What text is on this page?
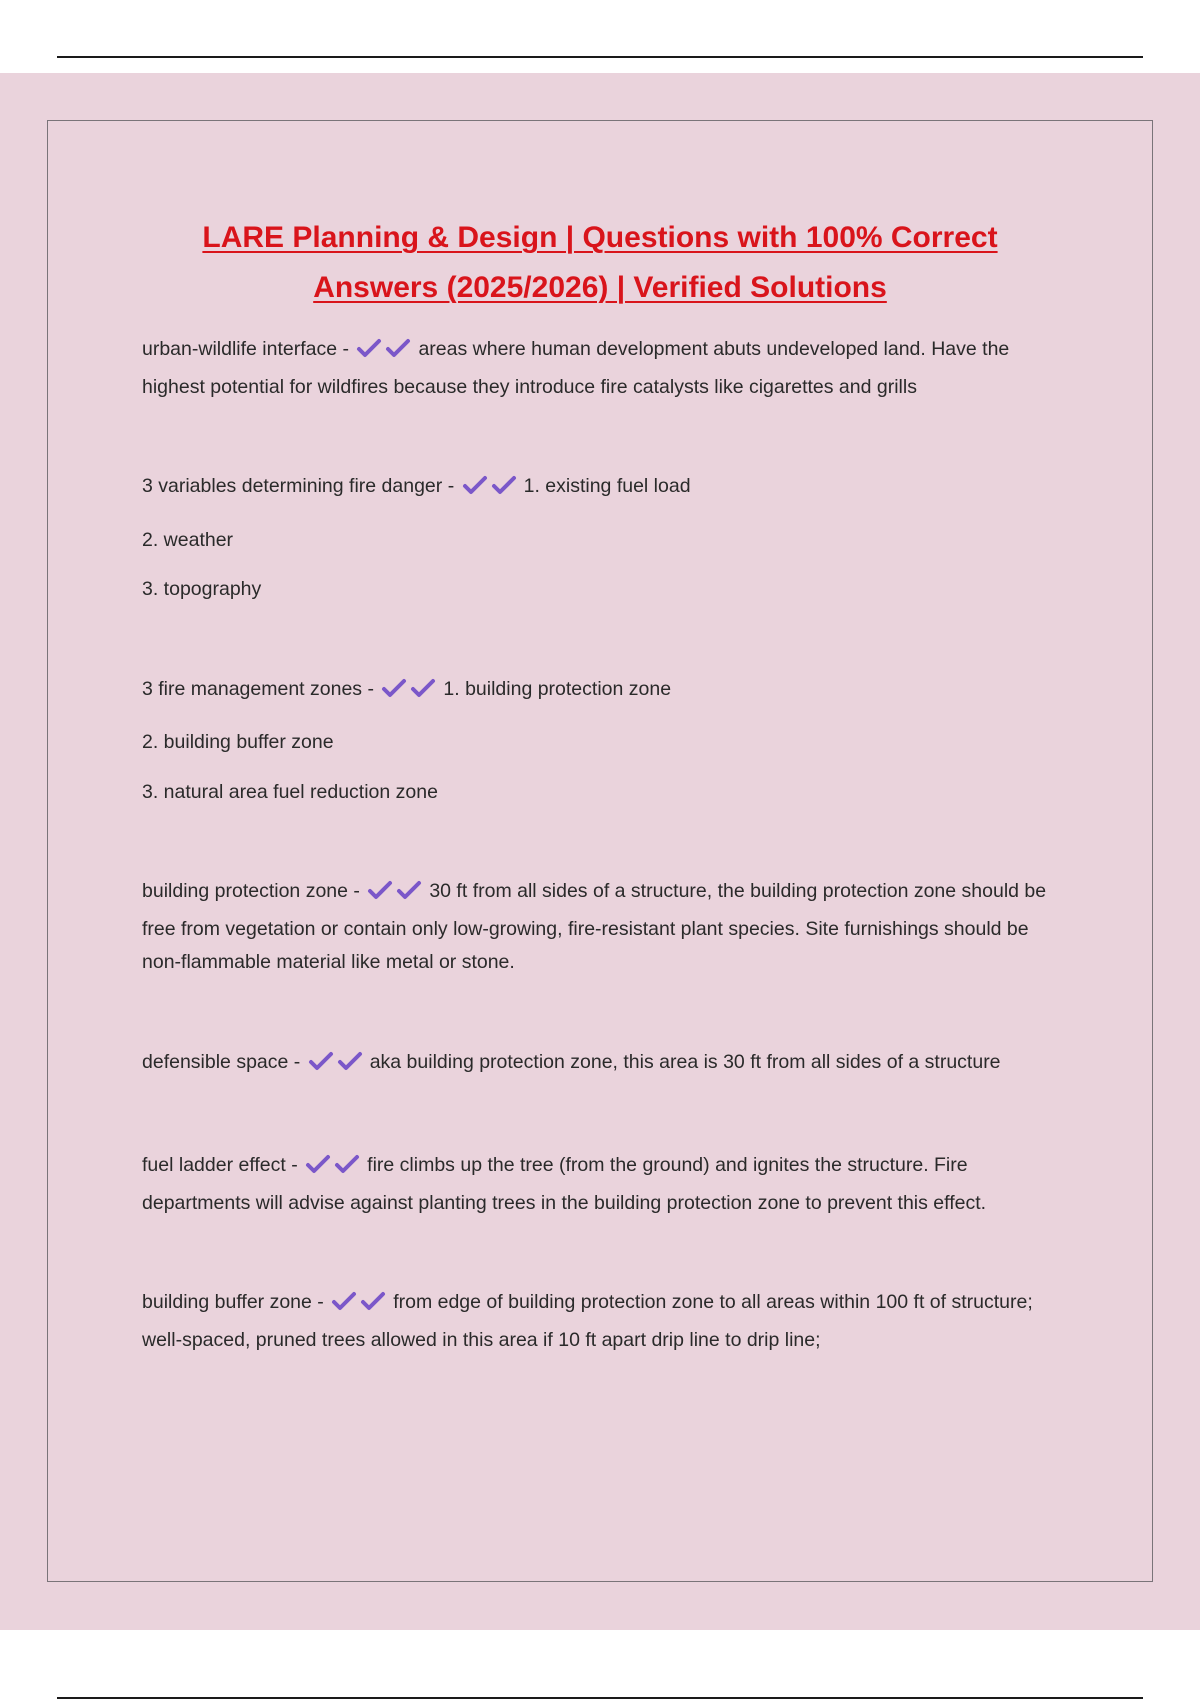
LARE Planning & Design | Questions with 100% Correct
Answers (2025/2026) | Verified Solutions

urban-wildlife interface -	areas where human development abuts undeveloped land. Have the highest potential for wildfires because they introduce fire catalysts like cigarettes and grills

3 variables determining fire danger -	1. existing fuel load

2. weather

3. topography

3 fire management zones -	1. building protection zone

2. building buffer zone

3. natural area fuel reduction zone

building protection zone -	30 ft from all sides of a structure, the building protection zone should be free from vegetation or contain only low-growing, fire-resistant plant species. Site furnishings should be non-flammable material like metal or stone.

defensible space -	aka building protection zone, this area is 30 ft from all sides of a structure

fuel ladder effect -	fire climbs up the tree (from the ground) and ignites the structure. Fire departments will advise against planting trees in the building protection zone to prevent this effect.

building buffer zone -	from edge of building protection zone to all areas within 100 ft of structure; well-spaced, pruned trees allowed in this area if 10 ft apart drip line to drip line;
